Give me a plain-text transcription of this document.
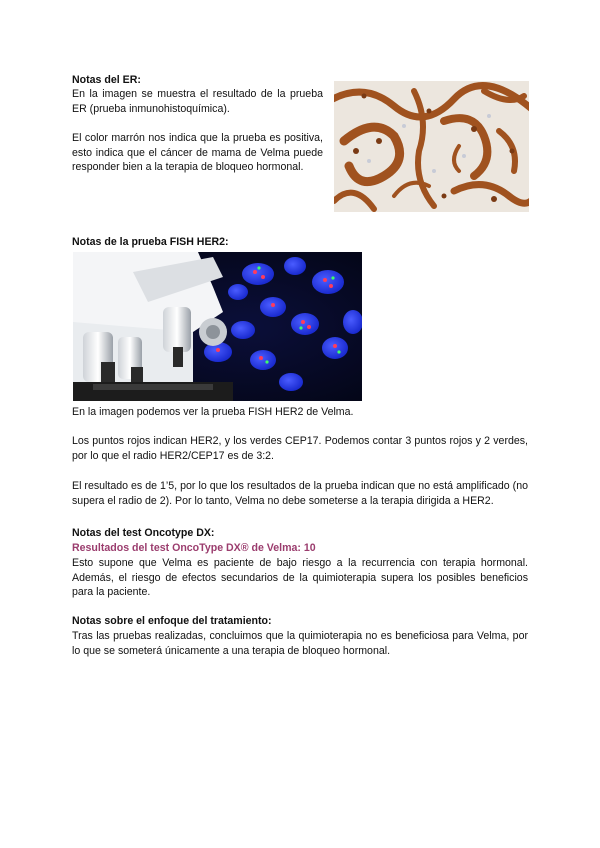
Notas del ER:

En la imagen se muestra el resultado de la prueba ER (prueba inmunohistoquímica).

El color marrón nos indica que la prueba es positiva, esto indica que el cáncer de mama de Velma puede responder bien a la terapia de bloqueo hormonal.

Notas de la prueba FISH HER2:
En la imagen podemos ver la prueba FISH HER2 de Velma.

Los puntos rojos indican HER2, y los verdes CEP17. Podemos contar 3 puntos rojos y 2 verdes, por lo que el radio HER2/CEP17 es de 3:2.

El resultado es de 1’5, por lo que los resultados de la prueba indican que no está amplificado (no supera el radio de 2). Por lo tanto, Velma no debe someterse a la terapia dirigida a HER2.

Notas del test Oncotype DX:
Resultados del test OncoType DX® de Velma: 10

Esto supone que Velma es paciente de bajo riesgo a la recurrencia con terapia hormonal. Además, el riesgo de efectos secundarios de la quimioterapia supera los posibles beneficios para la paciente.

Notas sobre el enfoque del tratamiento:

Tras las pruebas realizadas, concluimos que la quimioterapia no es beneficiosa para Velma, por lo que se someterá únicamente a una terapia de bloqueo hormonal.
